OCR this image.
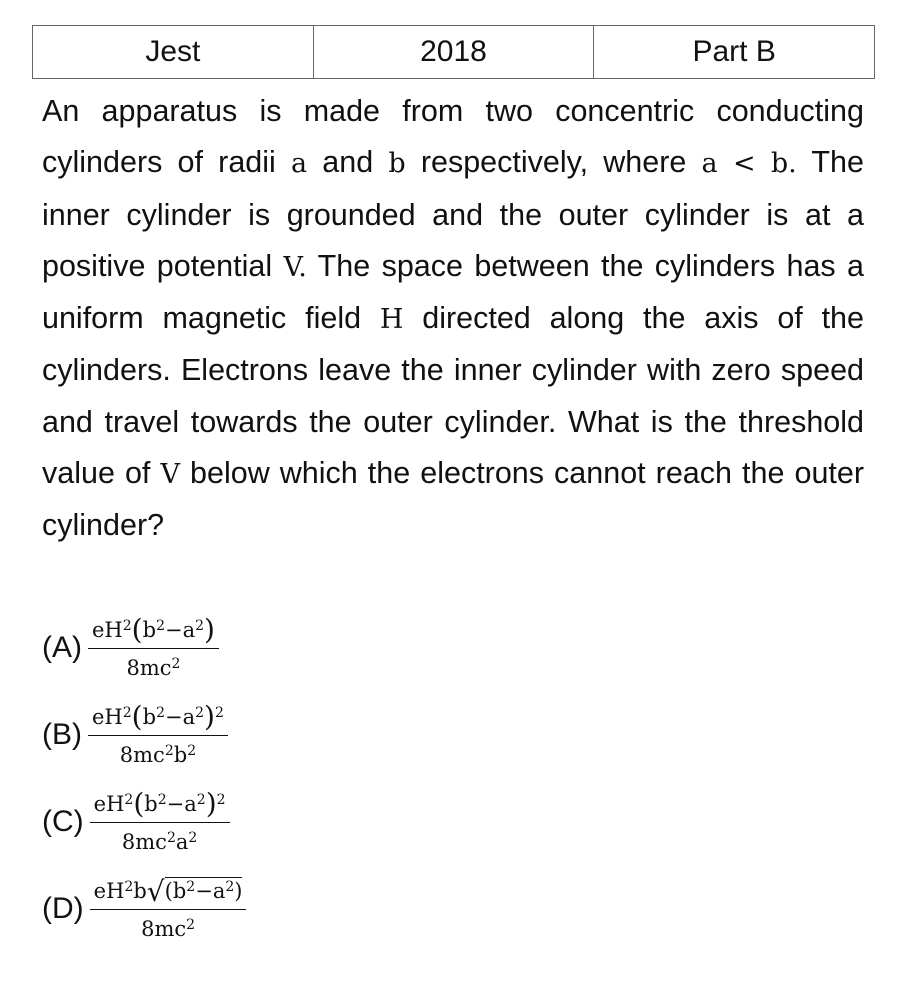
Jest	2018	Part B
An apparatus is made from two concentric conducting cylinders of radii a and b respectively, where a < b. The inner cylinder is grounded and the outer cylinder is at a positive potential V. The space between the cylinders has a uniform magnetic field H directed along the axis of the cylinders. Electrons leave the inner cylinder with zero speed and travel towards the outer cylinder. What is the threshold value of V below which the electrons cannot reach the outer cylinder?
$(A) \frac{eH^2(b^2-a^2)}{8mc^2}$
$(B) \frac{eH^2(b^2-a^2)^2}{8mc^2b^2}$
$(C) \frac{eH^2(b^2-a^2)^2}{8mc^2a^2}$
$(D) \frac{eH^2b√(b^2-a^2)}{8mc^2}$
